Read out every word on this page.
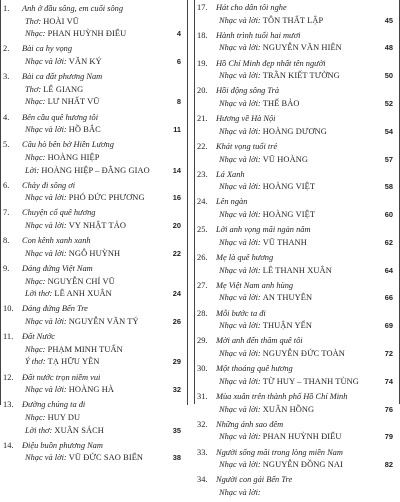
1.	Anh ở đầu sông, em cuối sông
Thơ: HOÀI VŨ
Nhạc: PHAN HUỲNH ĐIỂU	4
2.	Bài ca hy vọng
Nhạc và lời: VĂN KÝ	6
3.	Bài ca đất phương Nam
Thơ: LÊ GIANG
Nhạc: LƯ NHẤT VŨ	8
4.	Bên cầu quê hương tôi
Nhạc và lời: HỒ BẮC	11
5.	Câu hò bên bờ Hiền Lương
Nhạc: HOÀNG HIỆP
Lời: HOÀNG HIỆP – ĐẰNG GIAO	14
6.	Chảy đi sông ơi
Nhạc và lời: PHÓ ĐỨC PHƯƠNG	16
7.	Chuyện cổ quê hương
Nhạc và lời: VY NHẬT TẢO	20
8.	Con kênh xanh xanh
Nhạc và lời: NGÔ HUỲNH	22
9.	Dáng đứng Việt Nam
Nhạc: NGUYỄN CHÍ VŨ
Lời thơ: LÊ ANH XUÂN	24
10.	Dáng đứng Bến Tre
Nhạc và lời: NGUYỄN VĂN TÝ	26
11.	Đất Nước
Nhạc: PHẠM MINH TUẤN
Ý thơ: TẠ HỮU YÊN	29
12.	Đất nước trọn niềm vui
Nhạc và lời: HOÀNG HÀ	32
13.	Đường chúng ta đi
Nhạc: HUY DU
Lời thơ: XUÂN SÁCH	35
14.	Điệu buồn phương Nam
Nhạc và lời: VŨ ĐỨC SAO BIỂN	38
17.	Hát cho dân tôi nghe
Nhạc và lời: TÔN THẤT LẬP	45
18.	Hành trình tuổi hai mươi
Nhạc và lời: NGUYỄN VĂN HIÊN	48
19.	Hồ Chí Minh đẹp nhất tên người
Nhạc và lời: TRẦN KIẾT TƯỜNG	50
20.	Hồi động sông Trà
Nhạc và lời: THẾ BẢO	52
21.	Hương về Hà Nội
Nhạc và lời: HOÀNG DƯƠNG	54
22.	Khát vọng tuổi trẻ
Nhạc và lời: VŨ HOÀNG	57
23.	Lá Xanh
Nhạc và lời: HOÀNG VIỆT	58
24.	Lên ngàn
Nhạc và lời: HOÀNG VIỆT	60
25.	Lời anh vọng mãi ngàn năm
Nhạc và lời: VŨ THANH	62
26.	Mẹ là quê hương
Nhạc và lời: LÊ THANH XUÂN	64
27.	Mẹ Việt Nam anh hùng
Nhạc và lời: AN THUYÊN	66
28.	Mỗi bước ta đi
Nhạc và lời: THUẬN YẾN	69
29.	Mời anh đến thăm quê tôi
Nhạc và lời: NGUYỄN ĐỨC TOÀN	72
30.	Một thoáng quê hương
Nhạc và lời: TỪ HUY – THANH TÙNG	74
31.	Mùa xuân trên thành phố Hồ Chí Minh
Nhạc và lời: XUÂN HỒNG	76
32.	Những ánh sao đêm
Nhạc và lời: PHAN HUỲNH ĐIỂU	79
33.	Người sống mãi trong lòng miền Nam
Nhạc và lời: NGUYỄN ĐỒNG NAI	82
34.	Người con gái Bến Tre
Nhạc và lời:
